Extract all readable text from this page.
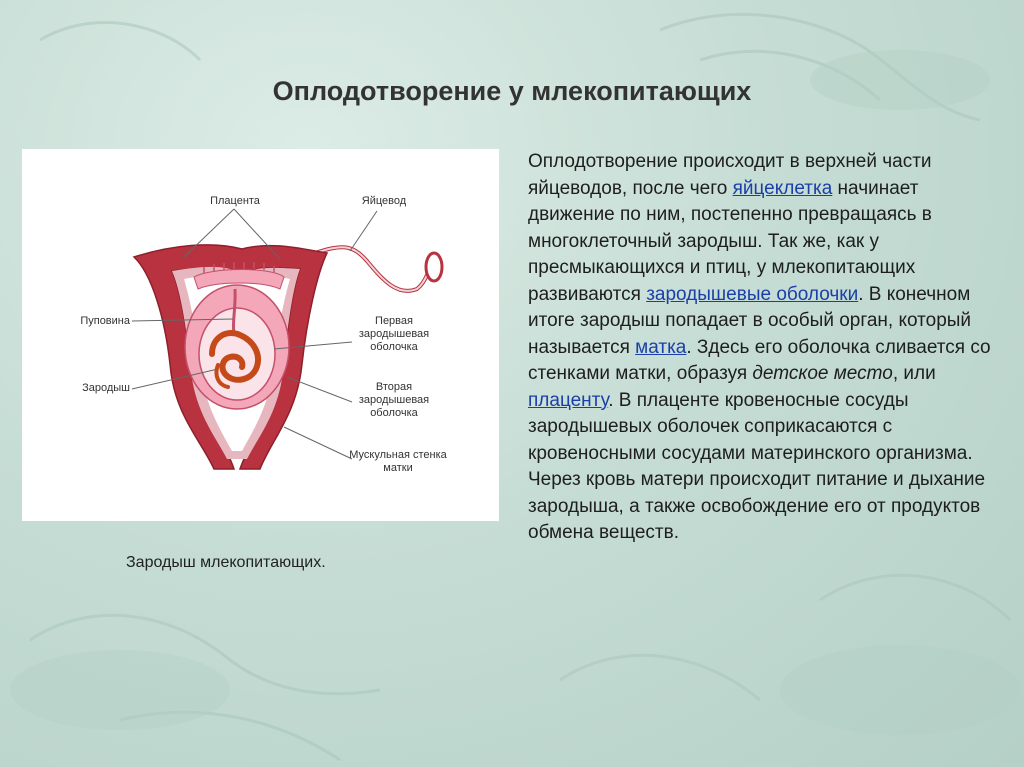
Оплодотворение у млекопитающих
Плацента	Яйцевод
Пуповина	Первая зародышевая оболочка
Зародыш	Вторая зародышевая оболочка
Мускульная стенка матки
Зародыш млекопитающих.
Оплодотворение происходит в верхней части яйцеводов, после чего яйцеклетка начинает движение по ним, постепенно превращаясь в многоклеточный зародыш. Так же, как у пресмыкающихся и птиц, у млекопитающих развиваются зародышевые оболочки. В конечном итоге зародыш попадает в особый орган, который называется матка. Здесь его оболочка сливается со стенками матки, образуя детское место, или плаценту. В плаценте кровеносные сосуды зародышевых оболочек соприкасаются с кровеносными сосудами материнского организма. Через кровь матери происходит питание и дыхание зародыша, а также освобождение его от продуктов обмена веществ.
